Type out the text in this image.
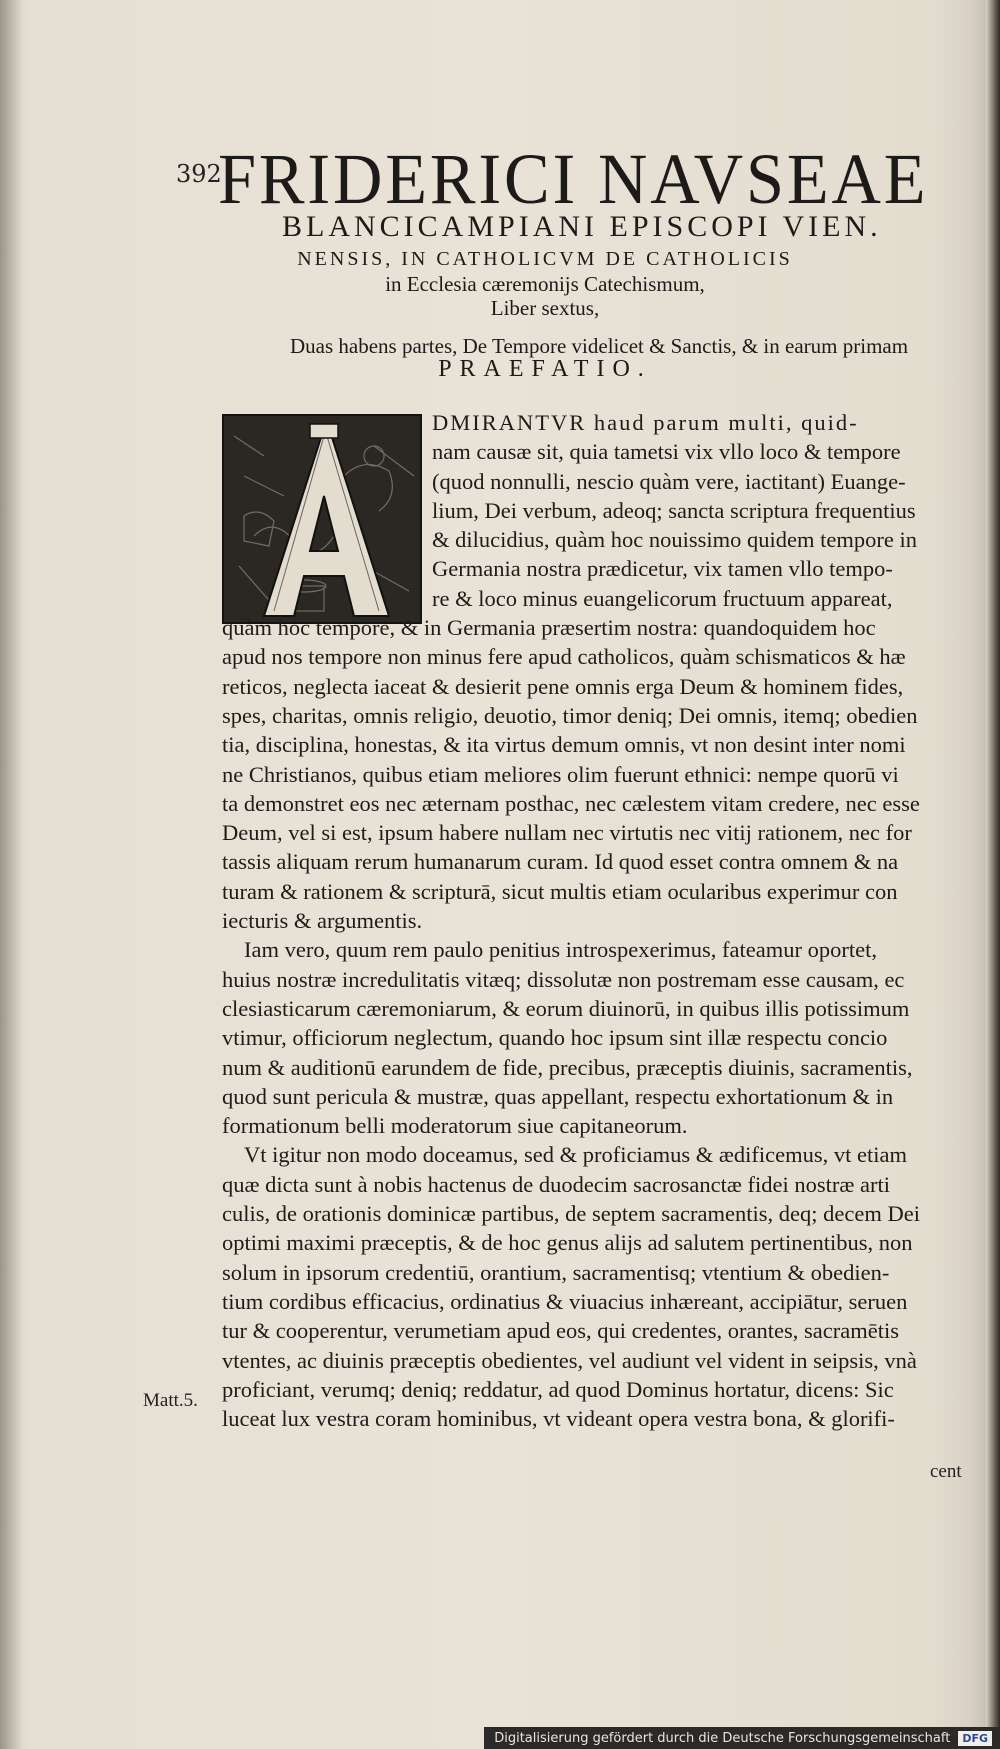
392
FRIDERICI NAVSEAE
BLANCICAMPIANI EPISCOPI VIEN.
NENSIS, IN CATHOLICVM DE CATHOLICIS
in Ecclesia cæremonijs Catechismum,
Liber sextus,
Duas habens partes, De Tempore videlicet & Sanctis, & in earum primam
PRAEFATIO.
DMIRANTVR haud parum multi, quid-
nam causæ sit, quia tametsi vix vllo loco & tempore
(quod nonnulli, nescio quàm vere, iactitant) Euange-
lium, Dei verbum, adeoq; sancta scriptura frequentius
& dilucidius, quàm hoc nouissimo quidem tempore in
Germania nostra prædicetur, vix tamen vllo tempo-
re & loco minus euangelicorum fructuum appareat,
quàm hoc tempore, & in Germania præsertim nostra: quandoquidem hoc
apud nos tempore non minus fere apud catholicos, quàm schismaticos & hæ
reticos, neglecta iaceat & desierit pene omnis erga Deum & hominem fides,
spes, charitas, omnis religio, deuotio, timor deniq; Dei omnis, itemq; obedien
tia, disciplina, honestas, & ita virtus demum omnis, vt non desint inter nomi
ne Christianos, quibus etiam meliores olim fuerunt ethnici: nempe quorū vi
ta demonstret eos nec æternam posthac, nec cælestem vitam credere, nec esse
Deum, vel si est, ipsum habere nullam nec virtutis nec vitij rationem, nec for
tassis aliquam rerum humanarum curam. Id quod esset contra omnem & na
turam & rationem & scripturā, sicut multis etiam ocularibus experimur con
iecturis & argumentis.
Iam vero, quum rem paulo penitius introspexerimus, fateamur oportet,
huius nostræ incredulitatis vitæq; dissolutæ non postremam esse causam, ec
clesiasticarum cæremoniarum, & eorum diuinorū, in quibus illis potissimum
vtimur, officiorum neglectum, quando hoc ipsum sint illæ respectu concio
num & auditionū earundem de fide, precibus, præceptis diuinis, sacramentis,
quod sunt pericula & mustræ, quas appellant, respectu exhortationum & in
formationum belli moderatorum siue capitaneorum.
Vt igitur non modo doceamus, sed & proficiamus & ædificemus, vt etiam
quæ dicta sunt à nobis hactenus de duodecim sacrosanctæ fidei nostræ arti
culis, de orationis dominicæ partibus, de septem sacramentis, deq; decem Dei
optimi maximi præceptis, & de hoc genus alijs ad salutem pertinentibus, non
solum in ipsorum credentiū, orantium, sacramentisq; vtentium & obedien-
tium cordibus efficacius, ordinatius & viuacius inhæreant, accipiātur, seruen
tur & cooperentur, verumetiam apud eos, qui credentes, orantes, sacramētis
vtentes, ac diuinis præceptis obedientes, vel audiunt vel vident in seipsis, vnà
proficiant, verumq; deniq; reddatur, ad quod Dominus hortatur, dicens: Sic
luceat lux vestra coram hominibus, vt videant opera vestra bona, & glorifi-
Matt.5.
cent
Digitalisierung gefördert durch die Deutsche Forschungsgemeinschaft	DFG
